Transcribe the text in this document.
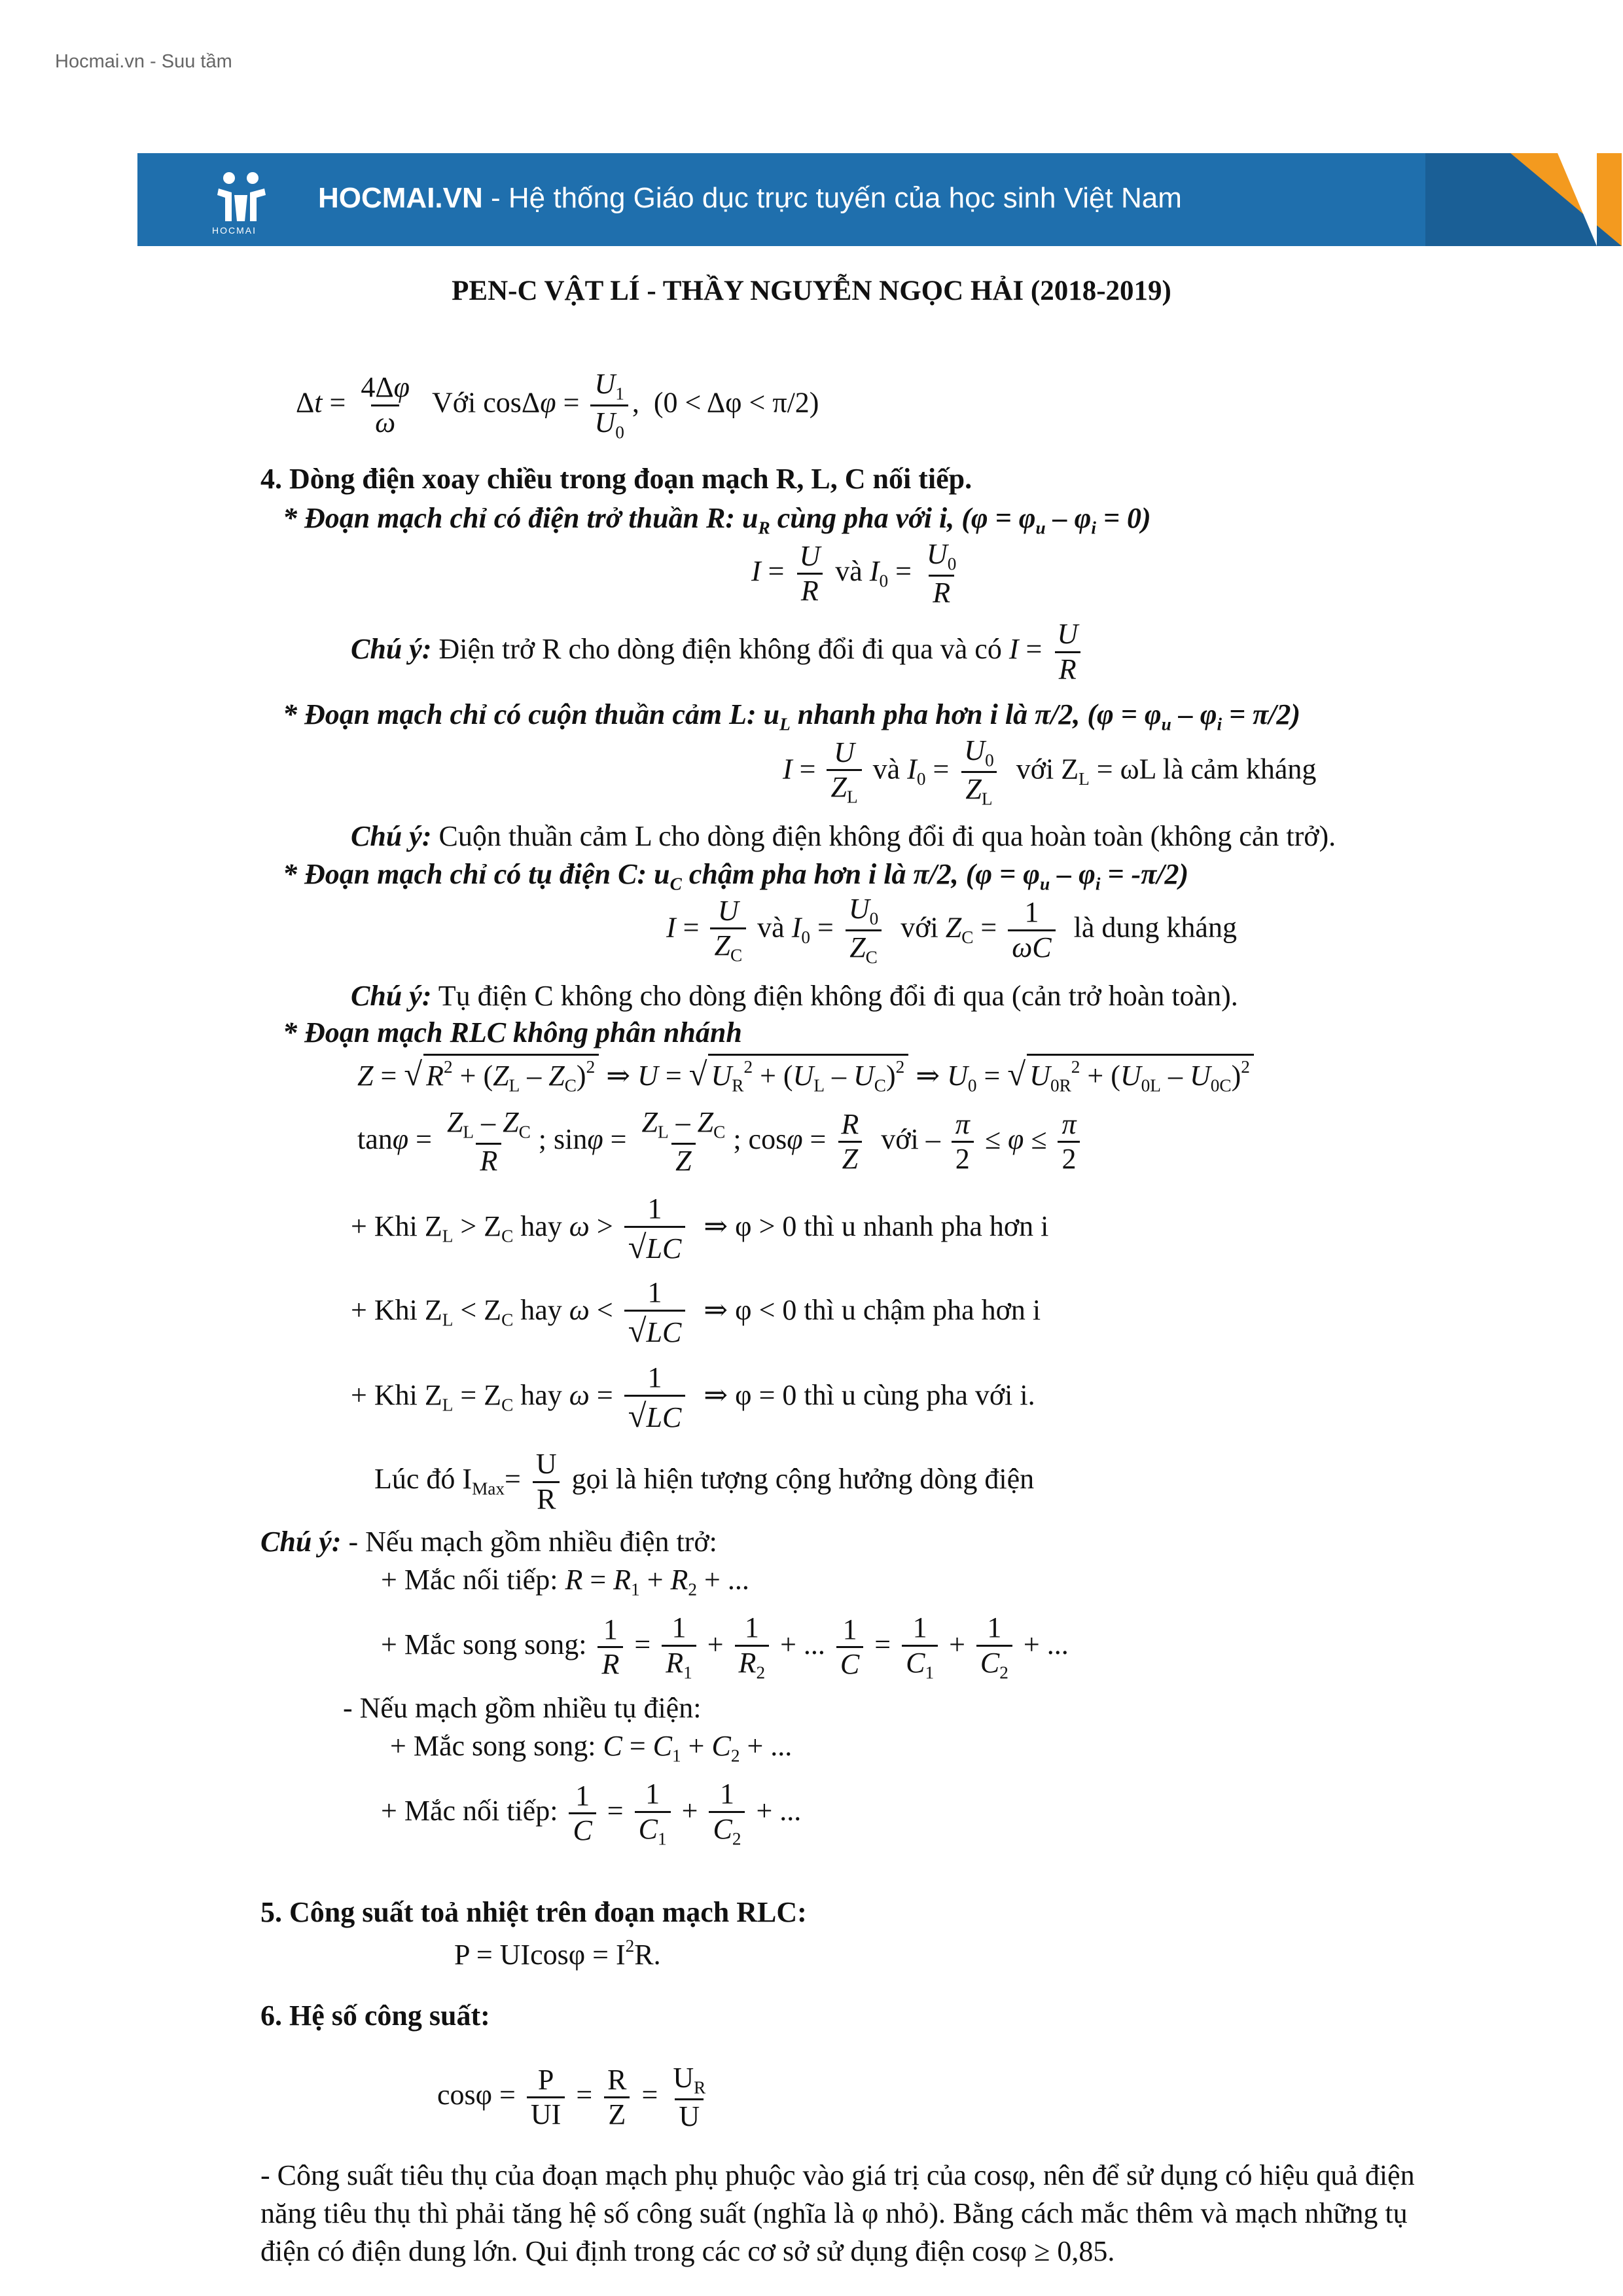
Hocmai.vn - Suu tầm
HOCMAI
HOCMAI.VN - Hệ thống Giáo dục trực tuyến của học sinh Việt Nam
PEN-C VẬT LÍ - THẦY NGUYỄN NGỌC HẢI (2018-2019)
$\Delta t = \frac{4\Delta\varphi}{\omega}$ Với $\cos\Delta\varphi = \frac{U_1}{U_0}$ ,  (0 < Δφ < π/2)
4. Dòng điện xoay chiều trong đoạn mạch R, L, C nối tiếp.
* Đoạn mạch chỉ có điện trở thuần R: $u_R$ cùng pha với i, $(\varphi = \varphi_u - \varphi_i = 0)$
$I = \frac{U}{R}$ và $I_0 = \frac{U_0}{R}$
Chú ý: Điện trở R cho dòng điện không đổi đi qua và có $I = \frac{U}{R}$
* Đoạn mạch chỉ có cuộn thuần cảm L: $u_L$ nhanh pha hơn i là π/2, $(\varphi = \varphi_u - \varphi_i = \pi/2)$
$I = \frac{U}{Z_L}$ và $I_0 = \frac{U_0}{Z_L}$ với $Z_L = \omega L$ là cảm kháng
Chú ý: Cuộn thuần cảm L cho dòng điện không đổi đi qua hoàn toàn (không cản trở).
* Đoạn mạch chỉ có tụ điện C: $u_C$ chậm pha hơn i là π/2, $(\varphi = \varphi_u - \varphi_i = -\pi/2)$
$I = \frac{U}{Z_C}$ và $I_0 = \frac{U_0}{Z_C}$ với $Z_C = \frac{1}{\omega C}$ là dung kháng
Chú ý: Tụ điện C không cho dòng điện không đổi đi qua (cản trở hoàn toàn).
* Đoạn mạch RLC không phân nhánh
Z = √ $R^2 + (Z_L - Z_C)^2$ ⇒ U = √ $U_R^2 + (U_L - U_C)^2$ ⇒ $U_0$ = √ $U_{0R}^2 + (U_{0L} - U_{0C})^2$
$\tan\varphi = \frac{Z_L - Z_C}{R}$ ; $\sin\varphi = \frac{Z_L - Z_C}{Z}$ ; $\cos\varphi = \frac{R}{Z}$ với – $\frac{\pi}{2} \le \varphi \le \frac{\pi}{2}$
+ Khi $Z_L > Z_C$ hay $\omega > \frac{1}{√LC}$ ⇒ φ > 0 thì u nhanh pha hơn i
+ Khi $Z_L < Z_C$ hay $\omega < \frac{1}{√LC}$ ⇒ φ < 0 thì u chậm pha hơn i
+ Khi $Z_L = Z_C$ hay $\omega = \frac{1}{√LC}$ ⇒ φ = 0 thì u cùng pha với i.
Lúc đó $I_{Max}= \frac{U}{R}$ gọi là hiện tượng cộng hưởng dòng điện
Chú ý: - Nếu mạch gồm nhiều điện trở:
+ Mắc nối tiếp: $R = R_1 + R_2$ + ...
+ Mắc song song: $\frac{1}{R} = \frac{1}{R_1} + \frac{1}{R_2}$ + ... $\frac{1}{C} = \frac{1}{C_1} + \frac{1}{C_2}$ + ...
- Nếu mạch gồm nhiều tụ điện:
+ Mắc song song: $C = C_1 + C_2$ + ...
+ Mắc nối tiếp: $\frac{1}{C} = \frac{1}{C_1} + \frac{1}{C_2}$ + ...
5. Công suất toả nhiệt trên đoạn mạch RLC:
$P = UIcos\varphi = I^2R$.
6. Hệ số công suất:
$\cos\varphi = \frac{P}{UI} = \frac{R}{Z} = \frac{U_R}{U}$
- Công suất tiêu thụ của đoạn mạch phụ phuộc vào giá trị của cosφ, nên để sử dụng có hiệu quả điện
năng tiêu thụ thì phải tăng hệ số công suất (nghĩa là φ nhỏ). Bằng cách mắc thêm và mạch những tụ
điện có điện dung lớn. Qui định trong các cơ sở sử dụng điện cosφ ≥ 0,85.
